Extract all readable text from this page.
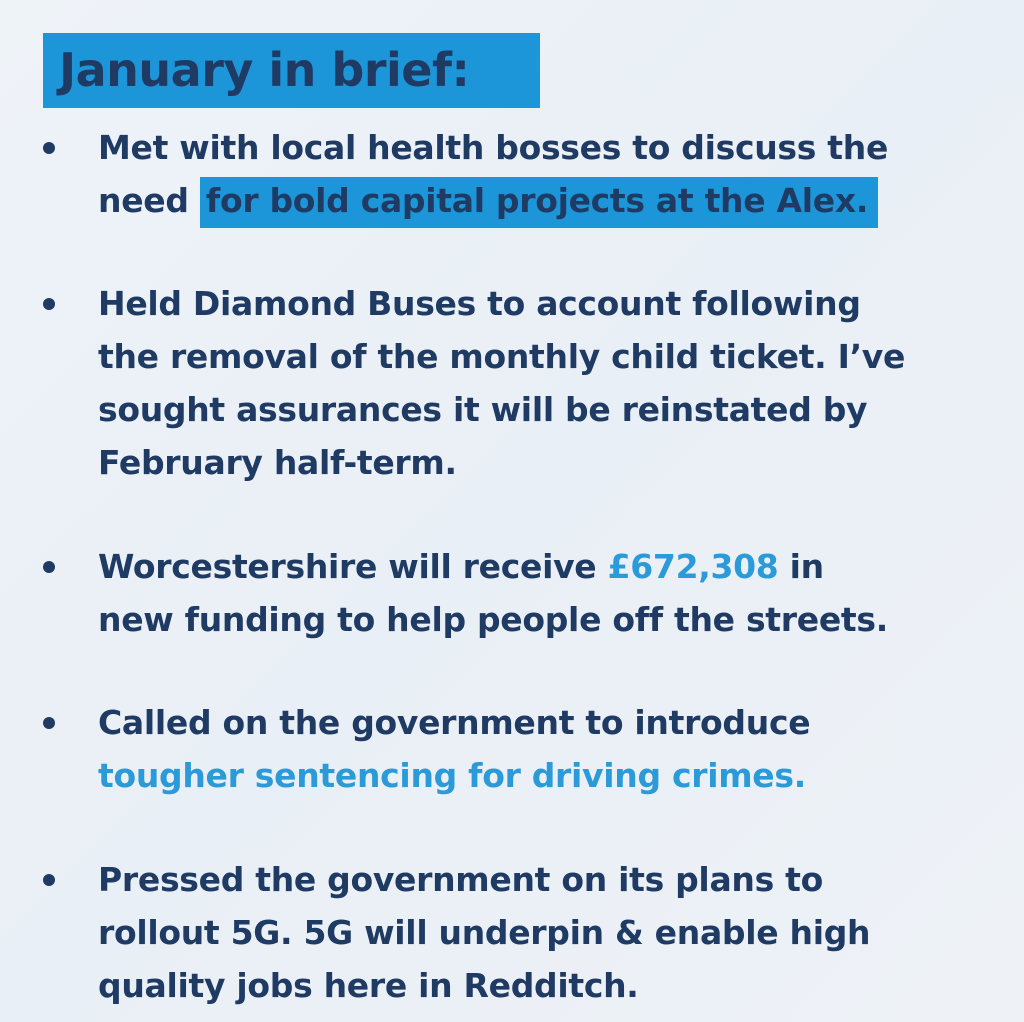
January in brief:
Met with local health bosses to discuss the
need for bold capital projects at the Alex.
Held Diamond Buses to account following
the removal of the monthly child ticket. I’ve
sought assurances it will be reinstated by
February half-term.
Worcestershire will receive £672,308 in
new funding to help people off the streets.
Called on the government to introduce
tougher sentencing for driving crimes.
Pressed the government on its plans to
rollout 5G. 5G will underpin & enable high
quality jobs here in Redditch.
